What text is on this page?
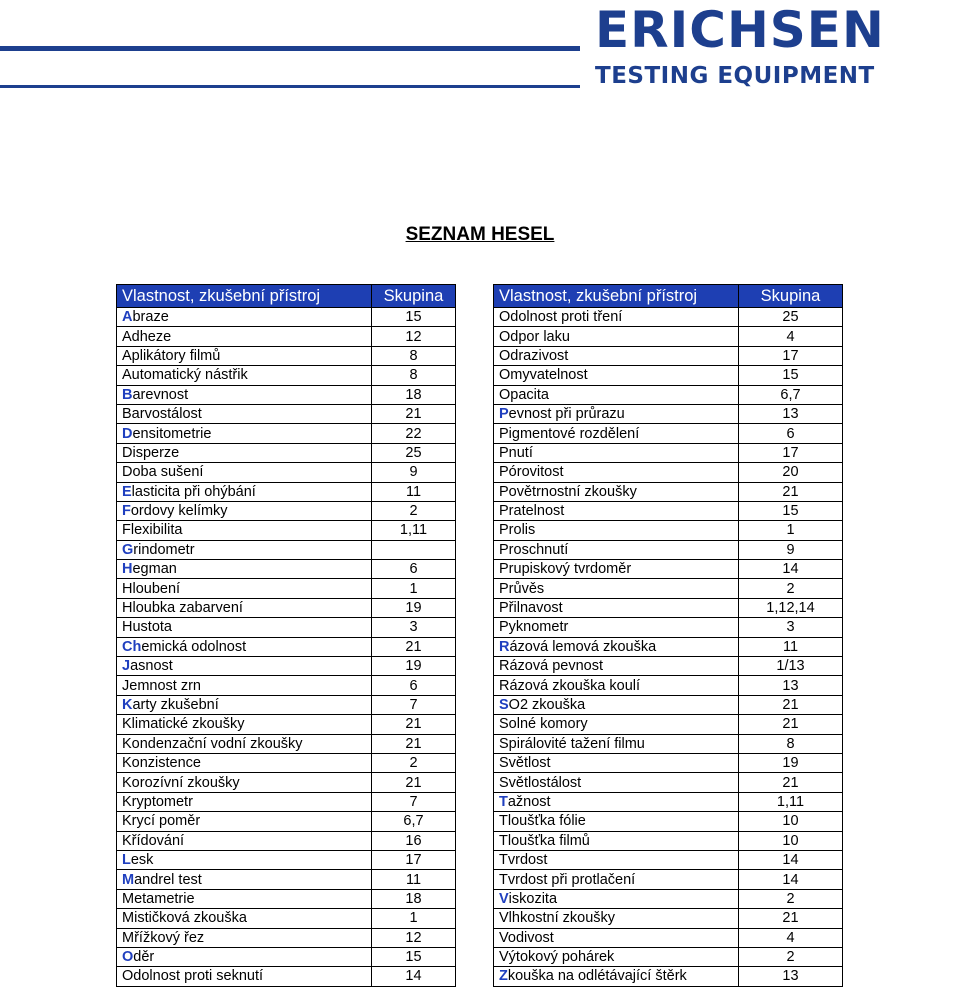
ERICHSEN
TESTING EQUIPMENT
SEZNAM HESEL
Vlastnost, zkušební přístroj	Skupina
Abraze	15
Adheze	12
Aplikátory filmů	8
Automatický nástřik	8
Barevnost	18
Barvostálost	21
Densitometrie	22
Disperze	25
Doba sušení	9
Elasticita při ohýbání	11
Fordovy kelímky	2
Flexibilita	1,11
Grindometr	
Hegman	6
Hloubení	1
Hloubka zabarvení	19
Hustota	3
Chemická odolnost	21
Jasnost	19
Jemnost zrn	6
Karty zkušební	7
Klimatické zkoušky	21
Kondenzační vodní zkoušky	21
Konzistence	2
Korozívní zkoušky	21
Kryptometr	7
Krycí poměr	6,7
Křídování	16
Lesk	17
Mandrel test	11
Metametrie	18
Mističková zkouška	1
Mřížkový řez	12
Oděr	15
Odolnost proti seknutí	14
Vlastnost, zkušební přístroj	Skupina
Odolnost proti tření	25
Odpor laku	4
Odrazivost	17
Omyvatelnost	15
Opacita	6,7
Pevnost při průrazu	13
Pigmentové rozdělení	6
Pnutí	17
Pórovitost	20
Povětrnostní zkoušky	21
Pratelnost	15
Prolis	1
Proschnutí	9
Prupiskový tvrdoměr	14
Průvěs	2
Přilnavost	1,12,14
Pyknometr	3
Rázová lemová zkouška	11
Rázová pevnost	1/13
Rázová zkouška koulí	13
SO2 zkouška	21
Solné komory	21
Spirálovité tažení filmu	8
Světlost	19
Světlostálost	21
Tažnost	1,11
Tloušťka fólie	10
Tloušťka filmů	10
Tvrdost	14
Tvrdost při protlačení	14
Viskozita	2
Vlhkostní zkoušky	21
Vodivost	4
Výtokový pohárek	2
Zkouška na odlétávající štěrk	13
